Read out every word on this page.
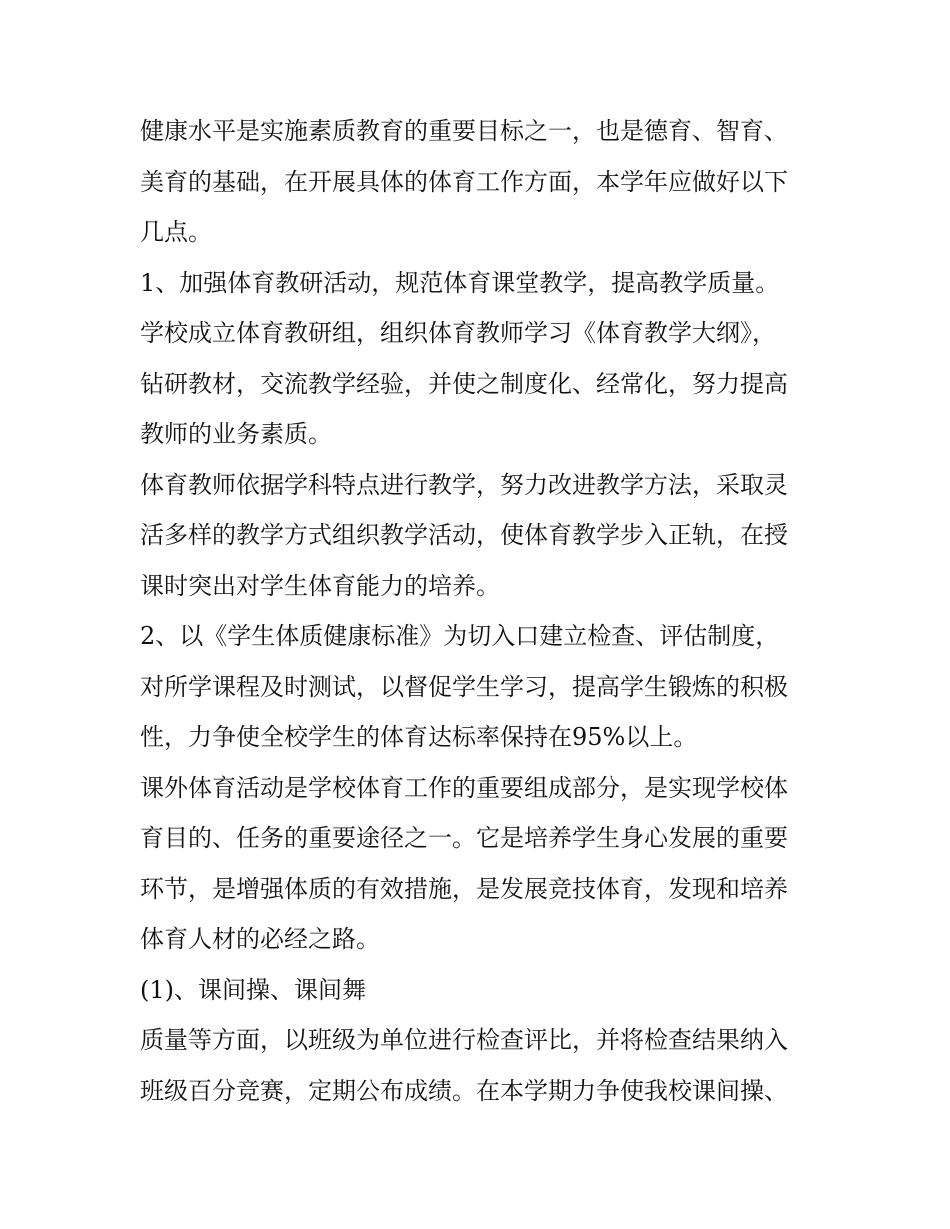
健康水平是实施素质教育的重要目标之一，也是德育、智育、
美育的基础，在开展具体的体育工作方面，本学年应做好以下
几点。
1、加强体育教研活动，规范体育课堂教学，提高教学质量。
学校成立体育教研组，组织体育教师学习《体育教学大纲》，
钻研教材，交流教学经验，并使之制度化、经常化，努力提高
教师的业务素质。
体育教师依据学科特点进行教学，努力改进教学方法，采取灵
活多样的教学方式组织教学活动，使体育教学步入正轨，在授
课时突出对学生体育能力的培养。
2、以《学生体质健康标准》为切入口建立检查、评估制度，
对所学课程及时测试，以督促学生学习，提高学生锻炼的积极
性，力争使全校学生的体育达标率保持在95%以上。
课外体育活动是学校体育工作的重要组成部分，是实现学校体
育目的、任务的重要途径之一。它是培养学生身心发展的重要
环节，是增强体质的有效措施，是发展竞技体育，发现和培养
体育人材的必经之路。
(1)、课间操、课间舞
质量等方面，以班级为单位进行检查评比，并将检查结果纳入
班级百分竞赛，定期公布成绩。在本学期力争使我校课间操、
